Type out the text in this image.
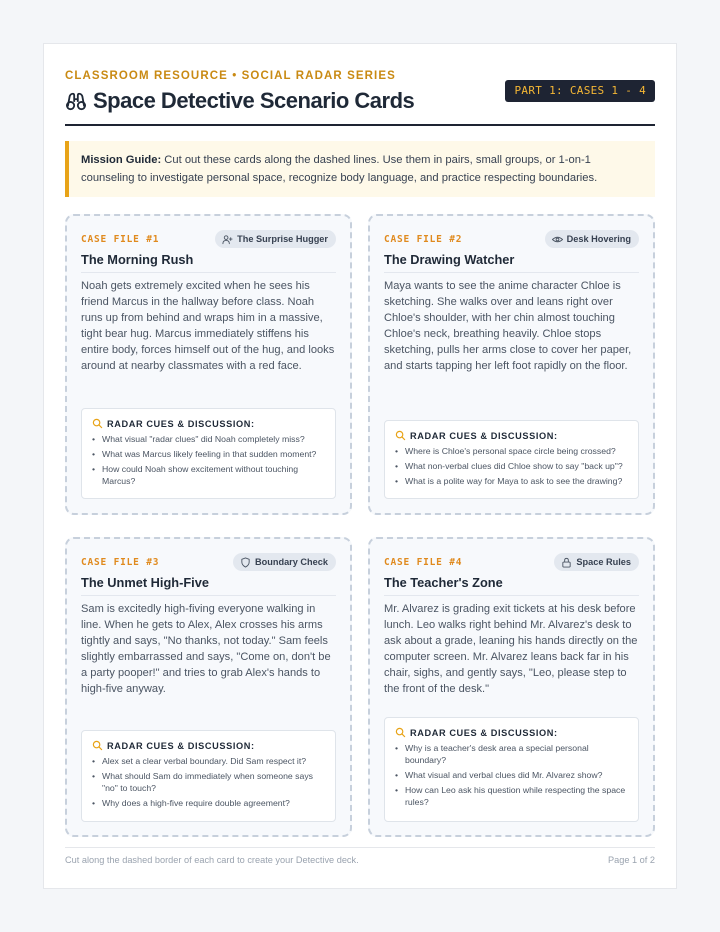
CLASSROOM RESOURCE • SOCIAL RADAR SERIES
Space Detective Scenario Cards	PART 1: CASES 1 - 4
Mission Guide: Cut out these cards along the dashed lines. Use them in pairs, small groups, or 1-on-1 counseling to investigate personal space, recognize body language, and practice respecting boundaries.
CASE FILE #1	The Surprise Hugger
The Morning Rush

Noah gets extremely excited when he sees his friend Marcus in the hallway before class. Noah runs up from behind and wraps him in a massive, tight bear hug. Marcus immediately stiffens his entire body, forces himself out of the hug, and looks around at nearby classmates with a red face.

RADAR CUES & DISCUSSION:
• What visual "radar clues" did Noah completely miss?
• What was Marcus likely feeling in that sudden moment?
• How could Noah show excitement without touching Marcus?
CASE FILE #2	Desk Hovering
The Drawing Watcher

Maya wants to see the anime character Chloe is sketching. She walks over and leans right over Chloe's shoulder, with her chin almost touching Chloe's neck, breathing heavily. Chloe stops sketching, pulls her arms close to cover her paper, and starts tapping her left foot rapidly on the floor.

RADAR CUES & DISCUSSION:
• Where is Chloe's personal space circle being crossed?
• What non-verbal clues did Chloe show to say "back up"?
• What is a polite way for Maya to ask to see the drawing?
CASE FILE #3	Boundary Check
The Unmet High-Five

Sam is excitedly high-fiving everyone walking in line. When he gets to Alex, Alex crosses his arms tightly and says, "No thanks, not today." Sam feels slightly embarrassed and says, "Come on, don't be a party pooper!" and tries to grab Alex's hands to high-five anyway.

RADAR CUES & DISCUSSION:
• Alex set a clear verbal boundary. Did Sam respect it?
• What should Sam do immediately when someone says "no" to touch?
• Why does a high-five require double agreement?
CASE FILE #4	Space Rules
The Teacher's Zone

Mr. Alvarez is grading exit tickets at his desk before lunch. Leo walks right behind Mr. Alvarez's desk to ask about a grade, leaning his hands directly on the computer screen. Mr. Alvarez leans back far in his chair, sighs, and gently says, "Leo, please step to the front of the desk."

RADAR CUES & DISCUSSION:
• Why is a teacher's desk area a special personal boundary?
• What visual and verbal clues did Mr. Alvarez show?
• How can Leo ask his question while respecting the space rules?
Cut along the dashed border of each card to create your Detective deck.	Page 1 of 2
